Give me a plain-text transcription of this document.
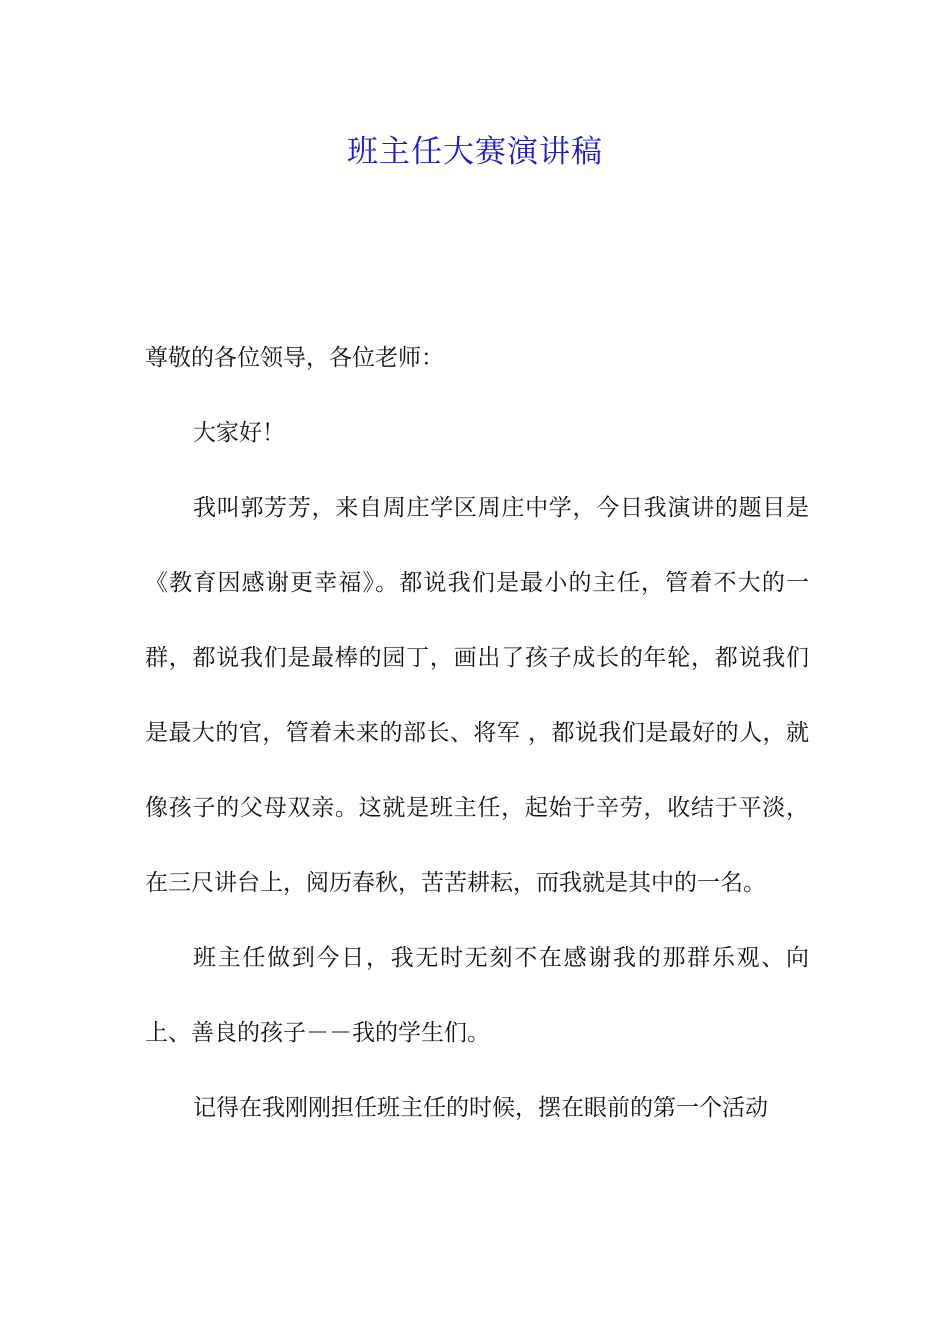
班主任大赛演讲稿

尊敬的各位领导，各位老师：

大家好！

我叫郭芳芳，来自周庄学区周庄中学，今日我演讲的题目是《教育因感谢更幸福》。都说我们是最小的主任，管着不大的一群，都说我们是最棒的园丁，画出了孩子成长的年轮，都说我们是最大的官，管着未来的部长、将军 ，都说我们是最好的人，就像孩子的父母双亲。这就是班主任，起始于辛劳，收结于平淡，在三尺讲台上，阅历春秋，苦苦耕耘，而我就是其中的一名。

班主任做到今日，我无时无刻不在感谢我的那群乐观、向上、善良的孩子－－我的学生们。

记得在我刚刚担任班主任的时候，摆在眼前的第一个活动
